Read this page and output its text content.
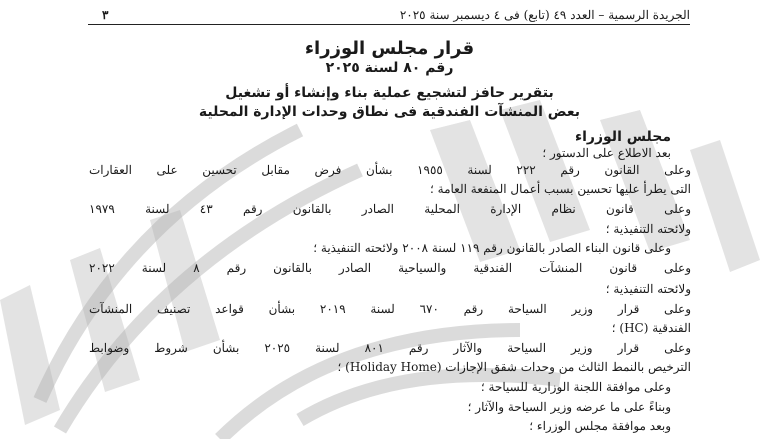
الجريدة الرسمية – العدد ٤٩ (تابع) فى ٤ ديسمبر سنة ٢٠٢٥
٣
قرار مجلس الوزراء
رقم ٨٠ لسنة ٢٠٢٥
بتقرير حافز لتشجيع عملية بناء وإنشاء أو تشغيل
بعض المنشآت الفندقية فى نطاق وحدات الإدارة المحلية
مجلس الوزراء
بعد الاطلاع على الدستور ؛
وعلى القانون رقم ٢٢٢ لسنة ١٩٥٥ بشأن فرض مقابل تحسين على العقارات
التى يطرأ عليها تحسين بسبب أعمال المنفعة العامة ؛
وعلى قانون نظام الإدارة المحلية الصادر بالقانون رقم ٤٣ لسنة ١٩٧٩
ولائحته التنفيذية ؛
وعلى قانون البناء الصادر بالقانون رقم ١١٩ لسنة ٢٠٠٨ ولائحته التنفيذية ؛
وعلى قانون المنشآت الفندقية والسياحية الصادر بالقانون رقم ٨ لسنة ٢٠٢٢
ولائحته التنفيذية ؛
وعلى قرار وزير السياحة رقم ٦٧٠ لسنة ٢٠١٩ بشأن قواعد تصنيف المنشآت
الفندقية (HC) ؛
وعلى قرار وزير السياحة والآثار رقم ٨٠١ لسنة ٢٠٢٥ بشأن شروط وضوابط
الترخيص بالنمط الثالث من وحدات شقق الإجازات (Holiday Home) ؛
وعلى موافقة اللجنة الوزارية للسياحة ؛
وبناءً على ما عرضه وزير السياحة والآثار ؛
وبعد موافقة مجلس الوزراء ؛
